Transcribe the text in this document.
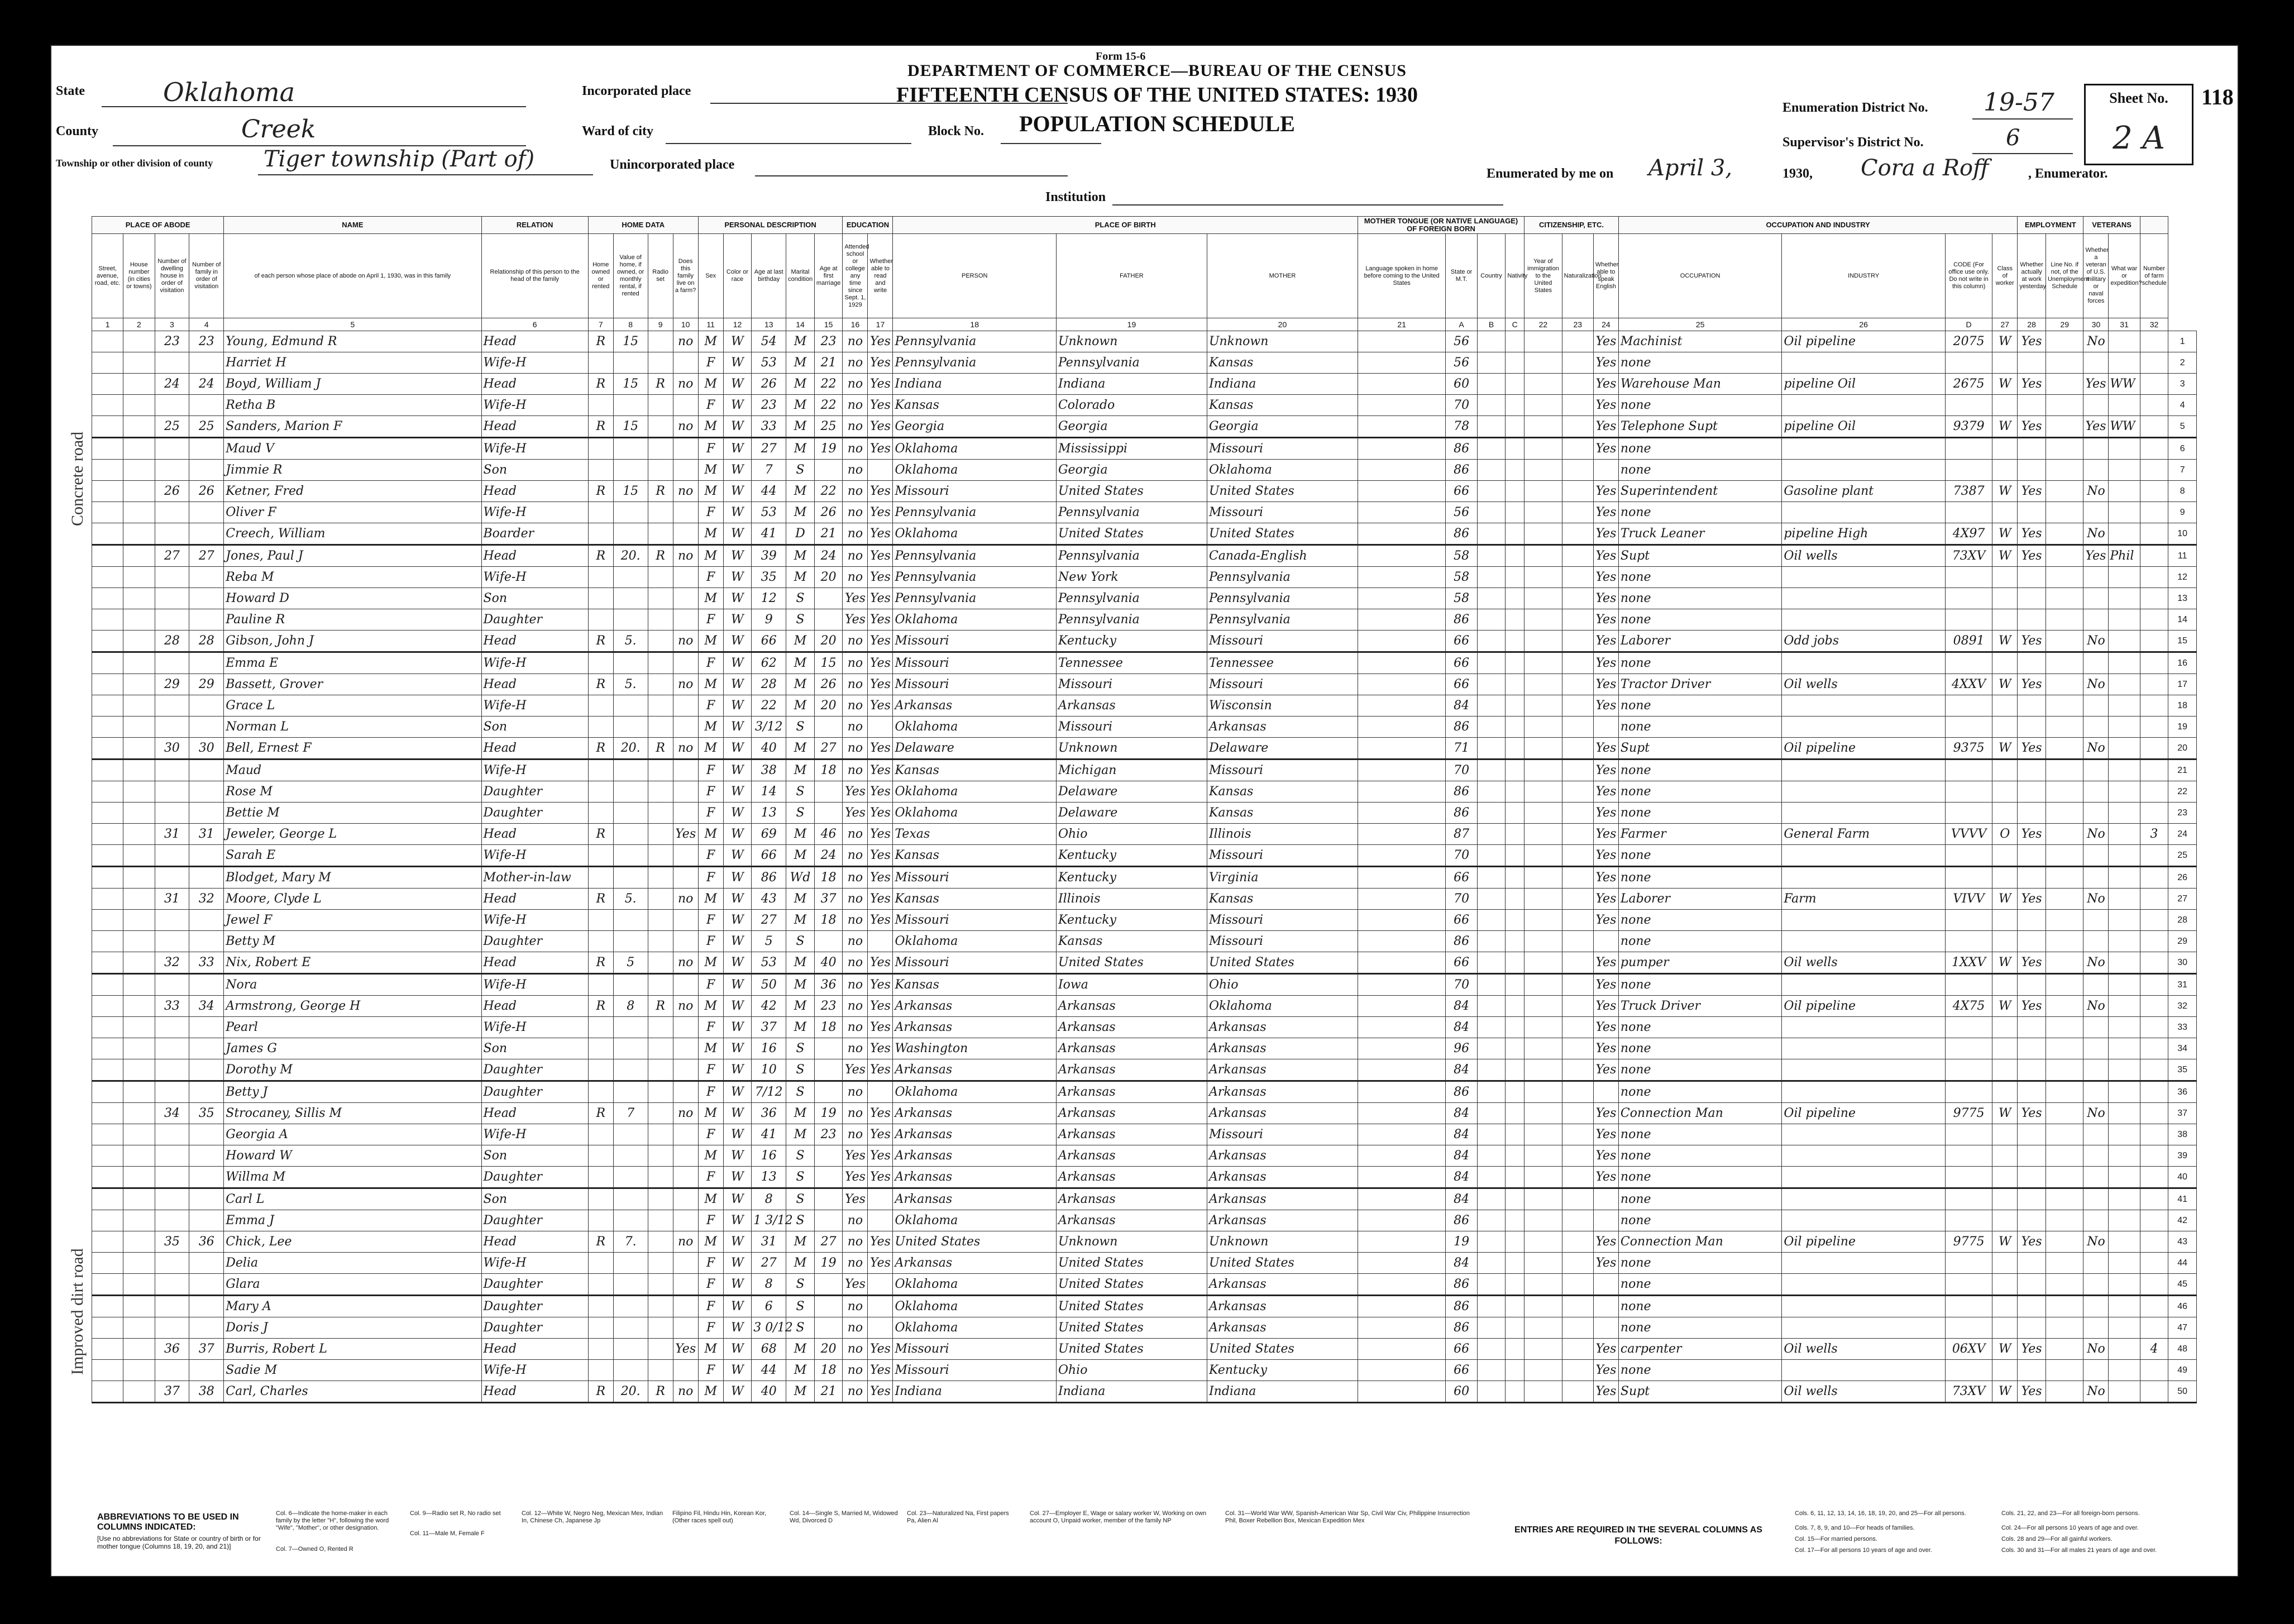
Form 15-6
DEPARTMENT OF COMMERCE—BUREAU OF THE CENSUS
FIFTEENTH CENSUS OF THE UNITED STATES: 1930
POPULATION SCHEDULE
State	Oklahoma
County	Creek
Township or other division of county	Tiger township (Part of)
Incorporated place
Ward of city	Block No.
Unincorporated place
Institution
Enumeration District No. 19-57
Supervisor's District No.	6
Enumerated by me on April 3,	1930, Cora a Roff	, Enumerator.
Sheet No.
2 A
118
PLACE OF ABODE				NAME	RELATION	HOME DATA				PERSONAL DESCRIPTION					EDUCATION		PLACE OF BIRTH			MOTHER TONGUE (OR NATIVE LANGUAGE) OF FOREIGN BORN				CITIZENSHIP, ETC.			OCCUPATION AND INDUSTRY				EMPLOYMENT		VETERANS			
Street, avenue, road, etc.	House number (in cities or towns)	Number of dwelling house in order of visitation	Number of family in order of visitation	of each person whose place of abode on April 1, 1930, was in this family	Relationship of this person to the head of the family	Home owned or rented	Value of home, if owned, or monthly rental, if rented	Radio set	Does this family live on a farm?	Sex	Color or race	Age at last birthday	Marital condition	Age at first marriage	Attended school or college any time since Sept. 1, 1929	Whether able to read and write	PERSON	FATHER	MOTHER	Language spoken in home before coming to the United States	State or M.T.	Country	Nativity	Year of immigration to the United States	Naturalization	Whether able to speak English	OCCUPATION	INDUSTRY	CODE (For office use only. Do not write in this column)	Class of worker	Whether actually at work yesterday	Line No. if not, of the Unemployment Schedule	Whether a veteran of U.S. military or naval forces	What war or expedition?	Number of farm schedule	
1	2	3	4	5	6	7	8	9	10	11	12	13	14	15	16	17	18	19	20	21	A	B	C	22	23	24	25	26	D	27	28	29	30	31	32	
		23	23	Young, Edmund R	Head	R	15		no	M	W	54	M	23	no	Yes	Pennsylvania	Unknown	Unknown		56					Yes	Machinist	Oil pipeline	2075	W	Yes		No			1
				Harriet H	Wife-H					F	W	53	M	21	no	Yes	Pennsylvania	Pennsylvania	Kansas		56					Yes	none									2
		24	24	Boyd, William J	Head	R	15	R	no	M	W	26	M	22	no	Yes	Indiana	Indiana	Indiana		60					Yes	Warehouse Man	pipeline Oil	2675	W	Yes		Yes WW			3
				Retha B	Wife-H					F	W	23	M	22	no	Yes	Kansas	Colorado	Kansas		70					Yes	none									4
		25	25	Sanders, Marion F	Head	R	15		no	M	W	33	M	25	no	Yes	Georgia	Georgia	Georgia		78					Yes	Telephone Supt	pipeline Oil	9379	W	Yes		Yes WW			5
				Maud V	Wife-H					F	W	27	M	19	no	Yes	Oklahoma	Mississippi	Missouri		86					Yes	none									6
				Jimmie R	Son					M	W	7	S		no		Oklahoma	Georgia	Oklahoma		86						none									7
		26	26	Ketner, Fred	Head	R	15	R	no	M	W	44	M	22	no	Yes	Missouri	United States	United States		66					Yes	Superintendent	Gasoline plant	7387	W	Yes		No			8
				Oliver F	Wife-H					F	W	53	M	26	no	Yes	Pennsylvania	Pennsylvania	Missouri		56					Yes	none									9
				Creech, William	Boarder					M	W	41	D	21	no	Yes	Oklahoma	United States	United States		86					Yes	Truck Leaner	pipeline High	4X97	W	Yes		No			10
		27	27	Jones, Paul J	Head	R	20.	R	no	M	W	39	M	24	no	Yes	Pennsylvania	Pennsylvania	Canada-English		58					Yes	Supt	Oil wells	73XV	W	Yes		Yes Phil			11
				Reba M	Wife-H					F	W	35	M	20	no	Yes	Pennsylvania	New York	Pennsylvania		58					Yes	none									12
				Howard D	Son					M	W	12	S		Yes	Yes	Pennsylvania	Pennsylvania	Pennsylvania		58					Yes	none									13
				Pauline R	Daughter					F	W	9	S		Yes	Yes	Oklahoma	Pennsylvania	Pennsylvania		86					Yes	none									14
		28	28	Gibson, John J	Head	R	5.		no	M	W	66	M	20	no	Yes	Missouri	Kentucky	Missouri		66					Yes	Laborer	Odd jobs	0891	W	Yes		No			15
				Emma E	Wife-H					F	W	62	M	15	no	Yes	Missouri	Tennessee	Tennessee		66					Yes	none									16
		29	29	Bassett, Grover	Head	R	5.		no	M	W	28	M	26	no	Yes	Missouri	Missouri	Missouri		66					Yes	Tractor Driver	Oil wells	4XXV	W	Yes		No			17
				Grace L	Wife-H					F	W	22	M	20	no	Yes	Arkansas	Arkansas	Wisconsin		84					Yes	none									18
				Norman L	Son					M	W	3/12	S		no		Oklahoma	Missouri	Arkansas		86						none									19
		30	30	Bell, Ernest F	Head	R	20.	R	no	M	W	40	M	27	no	Yes	Delaware	Unknown	Delaware		71					Yes	Supt	Oil pipeline	9375	W	Yes		No			20
				Maud	Wife-H					F	W	38	M	18	no	Yes	Kansas	Michigan	Missouri		70					Yes	none									21
				Rose M	Daughter					F	W	14	S		Yes	Yes	Oklahoma	Delaware	Kansas		86					Yes	none									22
				Bettie M	Daughter					F	W	13	S		Yes	Yes	Oklahoma	Delaware	Kansas		86					Yes	none									23
		31	31	Jeweler, George L	Head	R			Yes	M	W	69	M	46	no	Yes	Texas	Ohio	Illinois		87					Yes	Farmer	General Farm	VVVV	O	Yes		No		3	24
				Sarah E	Wife-H					F	W	66	M	24	no	Yes	Kansas	Kentucky	Missouri		70					Yes	none									25
				Blodget, Mary M	Mother-in-law					F	W	86	Wd	18	no	Yes	Missouri	Kentucky	Virginia		66					Yes	none									26
		31	32	Moore, Clyde L	Head	R	5.		no	M	W	43	M	37	no	Yes	Kansas	Illinois	Kansas		70					Yes	Laborer	Farm	VIVV	W	Yes		No			27
				Jewel F	Wife-H					F	W	27	M	18	no	Yes	Missouri	Kentucky	Missouri		66					Yes	none									28
				Betty M	Daughter					F	W	5	S		no		Oklahoma	Kansas	Missouri		86						none									29
		32	33	Nix, Robert E	Head	R	5		no	M	W	53	M	40	no	Yes	Missouri	United States	United States		66					Yes	pumper	Oil wells	1XXV	W	Yes		No			30
				Nora	Wife-H					F	W	50	M	36	no	Yes	Kansas	Iowa	Ohio		70					Yes	none									31
		33	34	Armstrong, George H	Head	R	8	R	no	M	W	42	M	23	no	Yes	Arkansas	Arkansas	Oklahoma		84					Yes	Truck Driver	Oil pipeline	4X75	W	Yes		No			32
				Pearl	Wife-H					F	W	37	M	18	no	Yes	Arkansas	Arkansas	Arkansas		84					Yes	none									33
				James G	Son					M	W	16	S		no	Yes	Washington	Arkansas	Arkansas		96					Yes	none									34
				Dorothy M	Daughter					F	W	10	S		Yes	Yes	Arkansas	Arkansas	Arkansas		84					Yes	none									35
				Betty J	Daughter					F	W	7/12	S		no		Oklahoma	Arkansas	Arkansas		86						none									36
		34	35	Strocaney, Sillis M	Head	R	7		no	M	W	36	M	19	no	Yes	Arkansas	Arkansas	Arkansas		84					Yes	Connection Man	Oil pipeline	9775	W	Yes		No			37
				Georgia A	Wife-H					F	W	41	M	23	no	Yes	Arkansas	Arkansas	Missouri		84					Yes	none									38
				Howard W	Son					M	W	16	S		Yes	Yes	Arkansas	Arkansas	Arkansas		84					Yes	none									39
				Willma M	Daughter					F	W	13	S		Yes	Yes	Arkansas	Arkansas	Arkansas		84					Yes	none									40
				Carl L	Son					M	W	8	S		Yes		Arkansas	Arkansas	Arkansas		84						none									41
				Emma J	Daughter					F	W	1 3/12	S		no		Oklahoma	Arkansas	Arkansas		86						none									42
		35	36	Chick, Lee	Head	R	7.		no	M	W	31	M	27	no	Yes	United States	Unknown	Unknown		19					Yes	Connection Man	Oil pipeline	9775	W	Yes		No			43
				Delia	Wife-H					F	W	27	M	19	no	Yes	Arkansas	United States	United States		84					Yes	none									44
				Glara	Daughter					F	W	8	S		Yes		Oklahoma	United States	Arkansas		86						none									45
				Mary A	Daughter					F	W	6	S		no		Oklahoma	United States	Arkansas		86						none									46
				Doris J	Daughter					F	W	3 0/12	S		no		Oklahoma	United States	Arkansas		86						none									47
		36	37	Burris, Robert L	Head				Yes	M	W	68	M	20	no	Yes	Missouri	United States	United States		66					Yes	carpenter	Oil wells	06XV	W	Yes		No		4	48
				Sadie M	Wife-H					F	W	44	M	18	no	Yes	Missouri	Ohio	Kentucky		66					Yes	none									49
		37	38	Carl, Charles	Head	R	20.	R	no	M	W	40	M	21	no	Yes	Indiana	Indiana	Indiana		60					Yes	Supt	Oil wells	73XV	W	Yes		No			50
Concrete road
Improved dirt road
ABBREVIATIONS TO BE USED IN COLUMNS INDICATED:
[Use no abbreviations for State or country of birth or for mother tongue (Columns 18, 19, 20, and 21)]
Col. 6—Indicate the home-maker in each family by the letter "H", following the word "Wife", "Mother", or other designation.
Col. 7—Owned O, Rented R
Col. 9—Radio set R, No radio set
Col. 11—Male M, Female F
Col. 12—White W, Negro Neg, Mexican Mex, Indian In, Chinese Ch, Japanese Jp
Filipino Fil, Hindu Hin, Korean Kor, (Other races spell out)
Col. 14—Single S, Married M, Widowed Wd, Divorced D
Col. 23—Naturalized Na, First papers Pa, Alien Al
Col. 27—Employer E, Wage or salary worker W, Working on own account O, Unpaid worker, member of the family NP
Col. 31—World War WW, Spanish-American War Sp, Civil War Civ, Philippine Insurrection Phil, Boxer Rebellion Box, Mexican Expedition Mex
ENTRIES ARE REQUIRED IN THE SEVERAL COLUMNS AS FOLLOWS:
Cols. 6, 11, 12, 13, 14, 16, 18, 19, 20, and 25—For all persons.
Cols. 7, 8, 9, and 10—For heads of families.
Col. 15—For married persons.
Col. 17—For all persons 10 years of age and over.
Cols. 21, 22, and 23—For all foreign-born persons.
Col. 24—For all persons 10 years of age and over.
Cols. 28 and 29—For all gainful workers.
Cols. 30 and 31—For all males 21 years of age and over.
